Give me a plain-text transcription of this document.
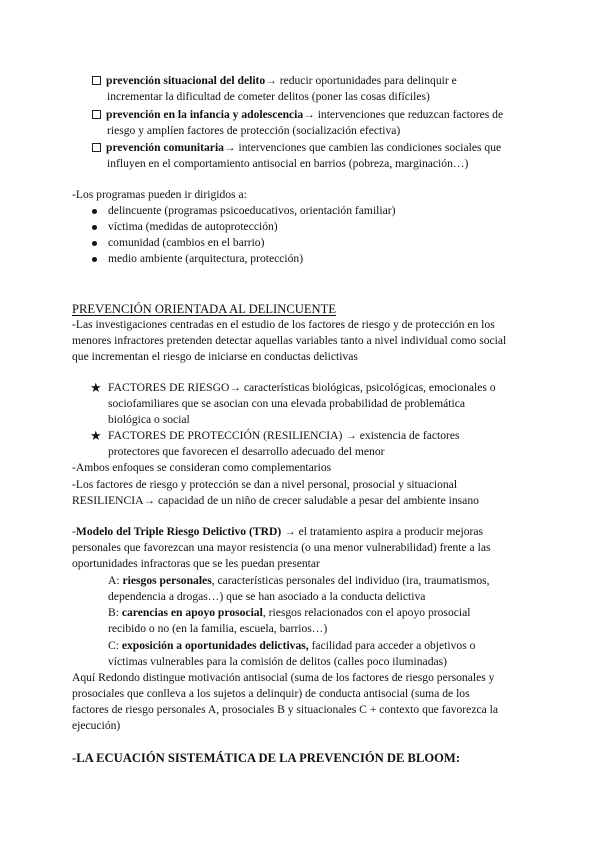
prevención situacional del delito→ reducir oportunidades para delinquir e
incrementar la dificultad de cometer delitos (poner las cosas difíciles)
prevención en la infancia y adolescencia→ intervenciones que reduzcan factores de
riesgo y amplíen factores de protección (socialización efectiva)
prevención comunitaria→ intervenciones que cambien las condiciones sociales que
influyen en el comportamiento antisocial en barrios (pobreza, marginación…)
-Los programas pueden ir dirigidos a:
delincuente (programas psicoeducativos, orientación familiar)
víctima (medidas de autoprotección)
comunidad (cambios en el barrio)
medio ambiente (arquitectura, protección)
PREVENCIÓN ORIENTADA AL DELINCUENTE
-Las investigaciones centradas en el estudio de los factores de riesgo y de protección en los
menores infractores pretenden detectar aquellas variables tanto a nivel individual como social
que incrementan el riesgo de iniciarse en conductas delictivas
★ FACTORES DE RIESGO→ características biológicas, psicológicas, emocionales o
sociofamiliares que se asocian con una elevada probabilidad de problemática
biológica o social
★ FACTORES DE PROTECCIÓN (RESILIENCIA) → existencia de factores
protectores que favorecen el desarrollo adecuado del menor
-Ambos enfoques se consideran como complementarios
-Los factores de riesgo y protección se dan a nivel personal, prosocial y situacional
RESILIENCIA→ capacidad de un niño de crecer saludable a pesar del ambiente insano
-Modelo del Triple Riesgo Delictivo (TRD) → el tratamiento aspira a producir mejoras
personales que favorezcan una mayor resistencia (o una menor vulnerabilidad) frente a las
oportunidades infractoras que se les puedan presentar
A: riesgos personales, características personales del individuo (ira, traumatismos,
dependencia a drogas…) que se han asociado a la conducta delictiva
B: carencias en apoyo prosocial, riesgos relacionados con el apoyo prosocial
recibido o no (en la familia, escuela, barrios…)
C: exposición a oportunidades delictivas, facilidad para acceder a objetivos o
víctimas vulnerables para la comisión de delitos (calles poco iluminadas)
Aquí Redondo distingue motivación antisocial (suma de los factores de riesgo personales y
prosociales que conlleva a los sujetos a delinquir) de conducta antisocial (suma de los
factores de riesgo personales A, prosociales B y situacionales C + contexto que favorezca la
ejecución)
-LA ECUACIÓN SISTEMÁTICA DE LA PREVENCIÓN DE BLOOM:
